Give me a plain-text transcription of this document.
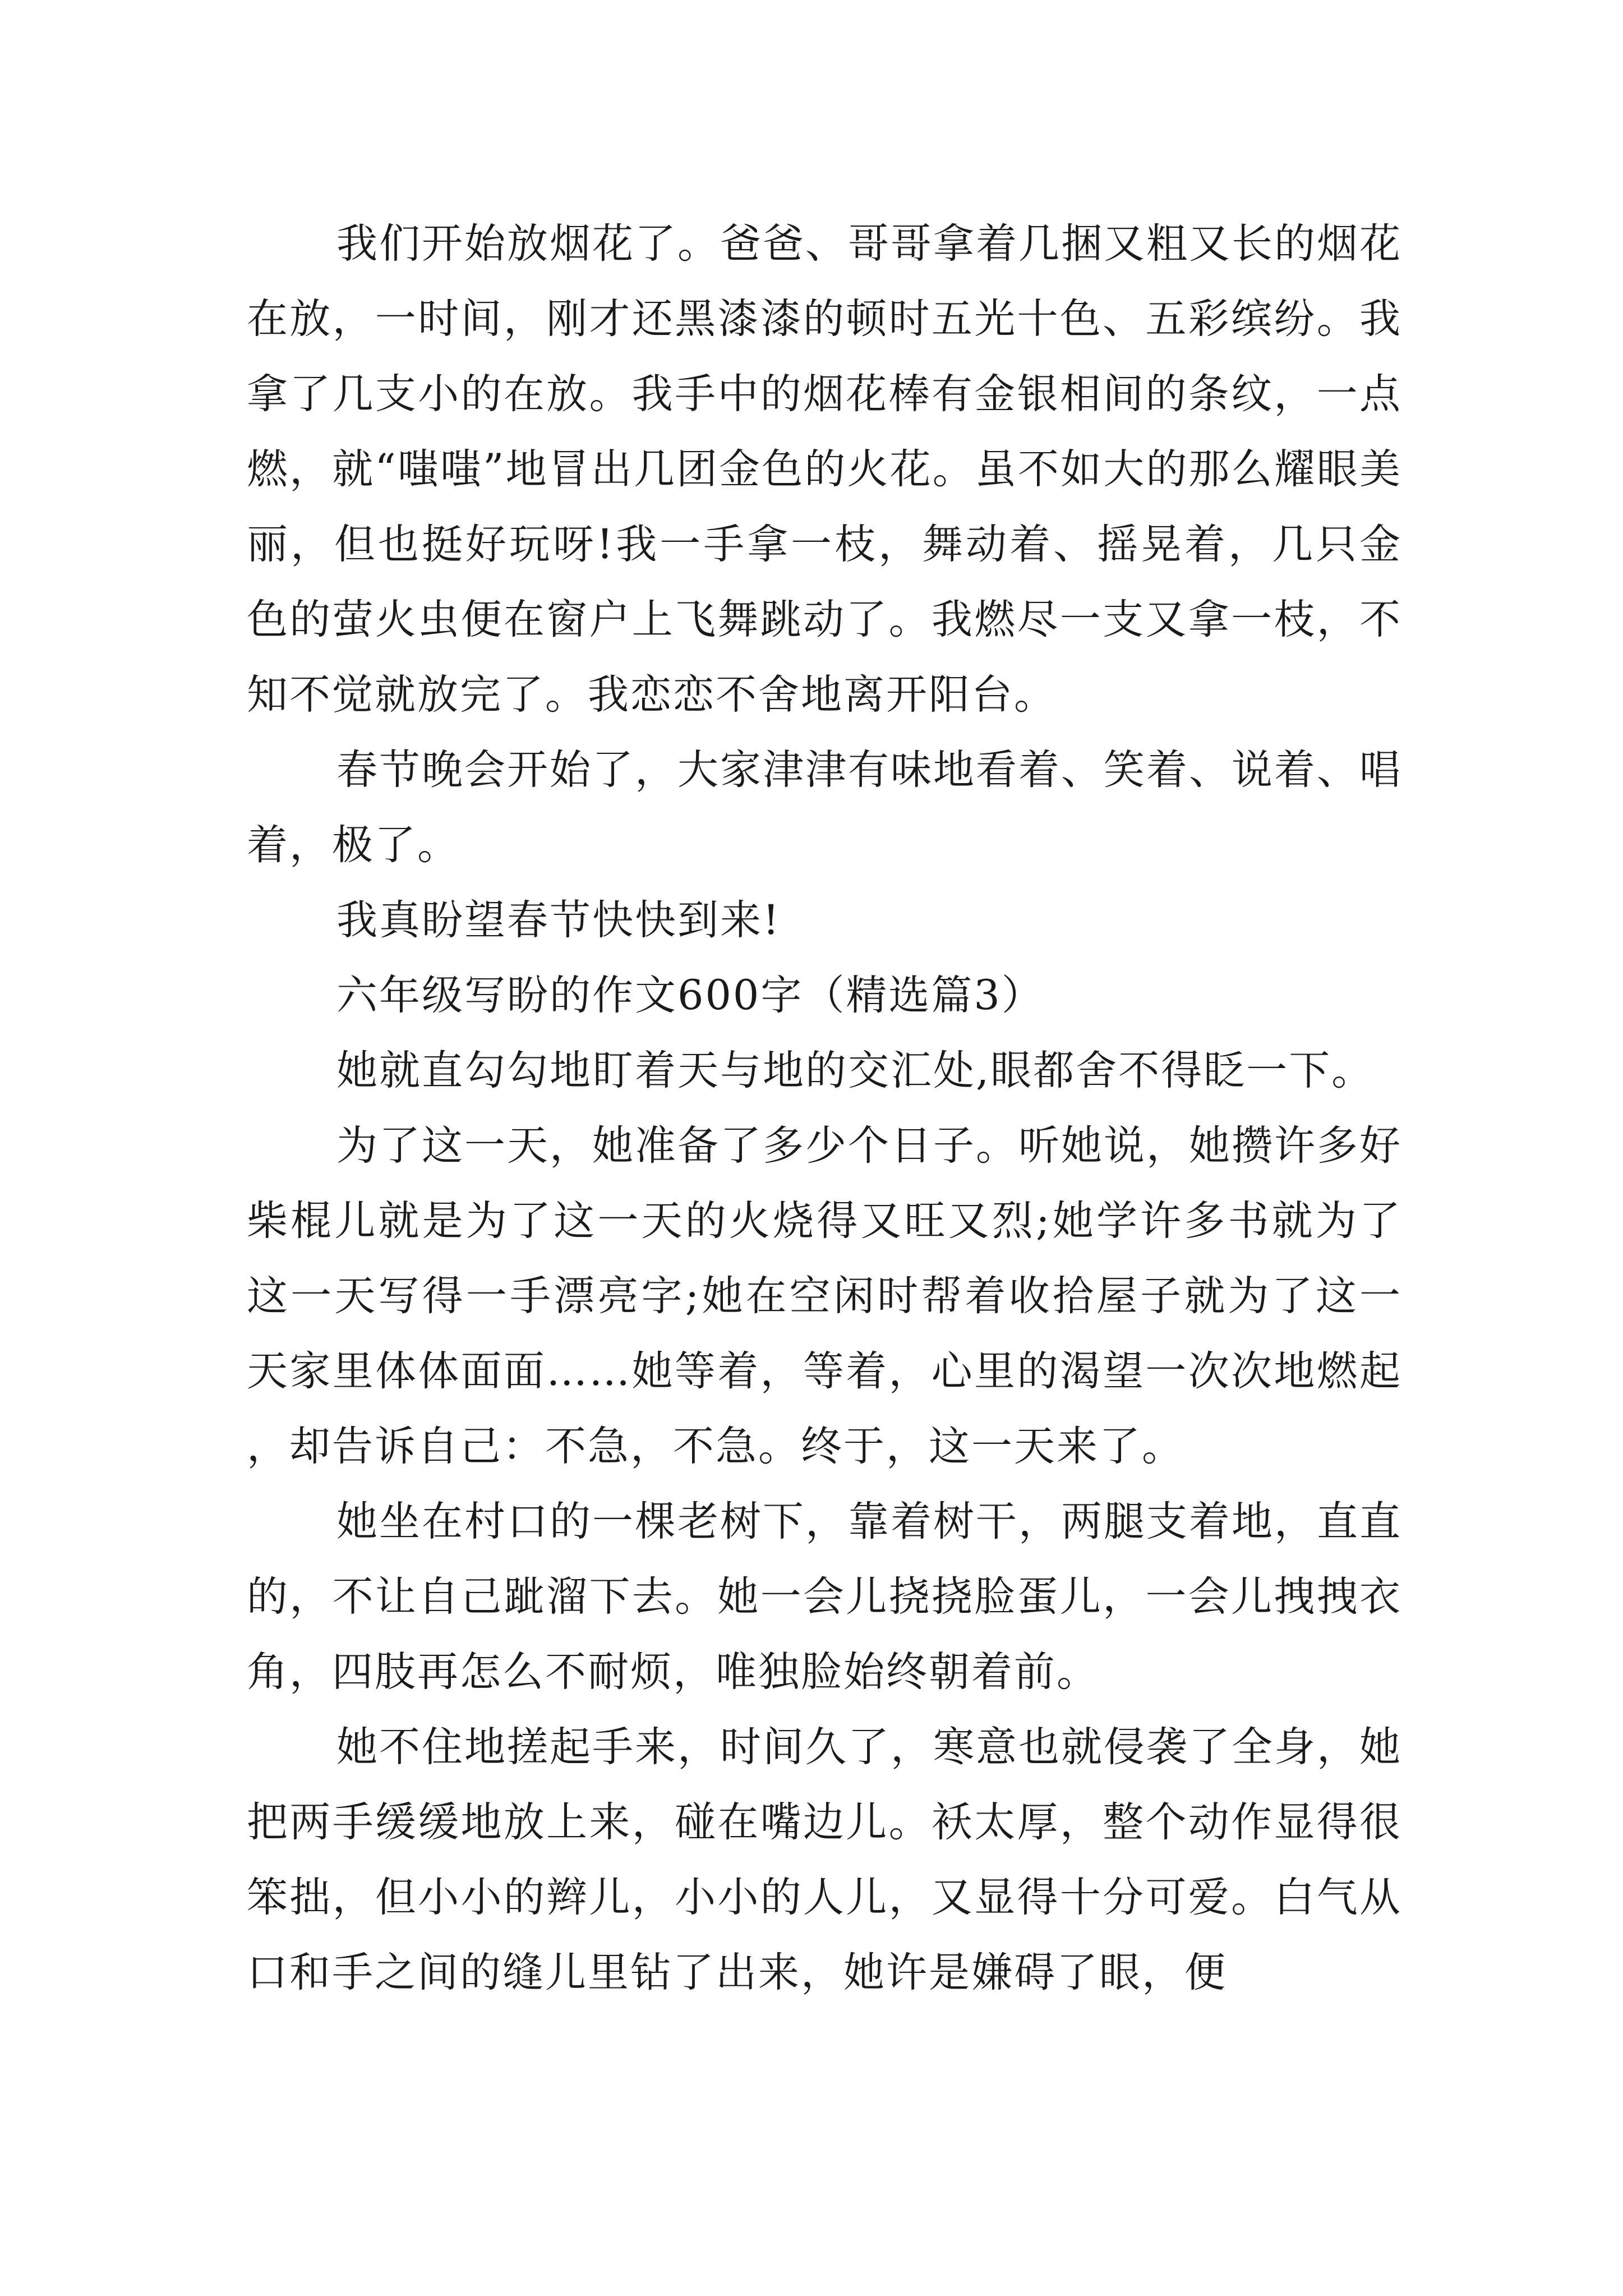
我们开始放烟花了。爸爸、哥哥拿着几捆又粗又长的烟花在放，一时间，刚才还黑漆漆的顿时五光十色、五彩缤纷。我拿了几支小的在放。我手中的烟花棒有金银相间的条纹，一点燃，就“嗤嗤”地冒出几团金色的火花。虽不如大的那么耀眼美丽，但也挺好玩呀!我一手拿一枝，舞动着、摇晃着，几只金色的萤火虫便在窗户上飞舞跳动了。我燃尽一支又拿一枝，不知不觉就放完了。我恋恋不舍地离开阳台。

春节晚会开始了，大家津津有味地看着、笑着、说着、唱着，极了。

我真盼望春节快快到来!

六年级写盼的作文600字（精选篇3）

她就直勾勾地盯着天与地的交汇处,眼都舍不得眨一下。

为了这一天，她准备了多少个日子。听她说，她攒许多好柴棍儿就是为了这一天的火烧得又旺又烈;她学许多书就为了这一天写得一手漂亮字;她在空闲时帮着收拾屋子就为了这一天家里体体面面……她等着，等着，心里的渴望一次次地燃起，却告诉自己：不急，不急。终于，这一天来了。

她坐在村口的一棵老树下，靠着树干，两腿支着地，直直的，不让自己跐溜下去。她一会儿挠挠脸蛋儿，一会儿拽拽衣角，四肢再怎么不耐烦，唯独脸始终朝着前。

她不住地搓起手来，时间久了，寒意也就侵袭了全身，她把两手缓缓地放上来，碰在嘴边儿。袄太厚，整个动作显得很笨拙，但小小的辫儿，小小的人儿，又显得十分可爱。白气从口和手之间的缝儿里钻了出来，她许是嫌碍了眼，便
